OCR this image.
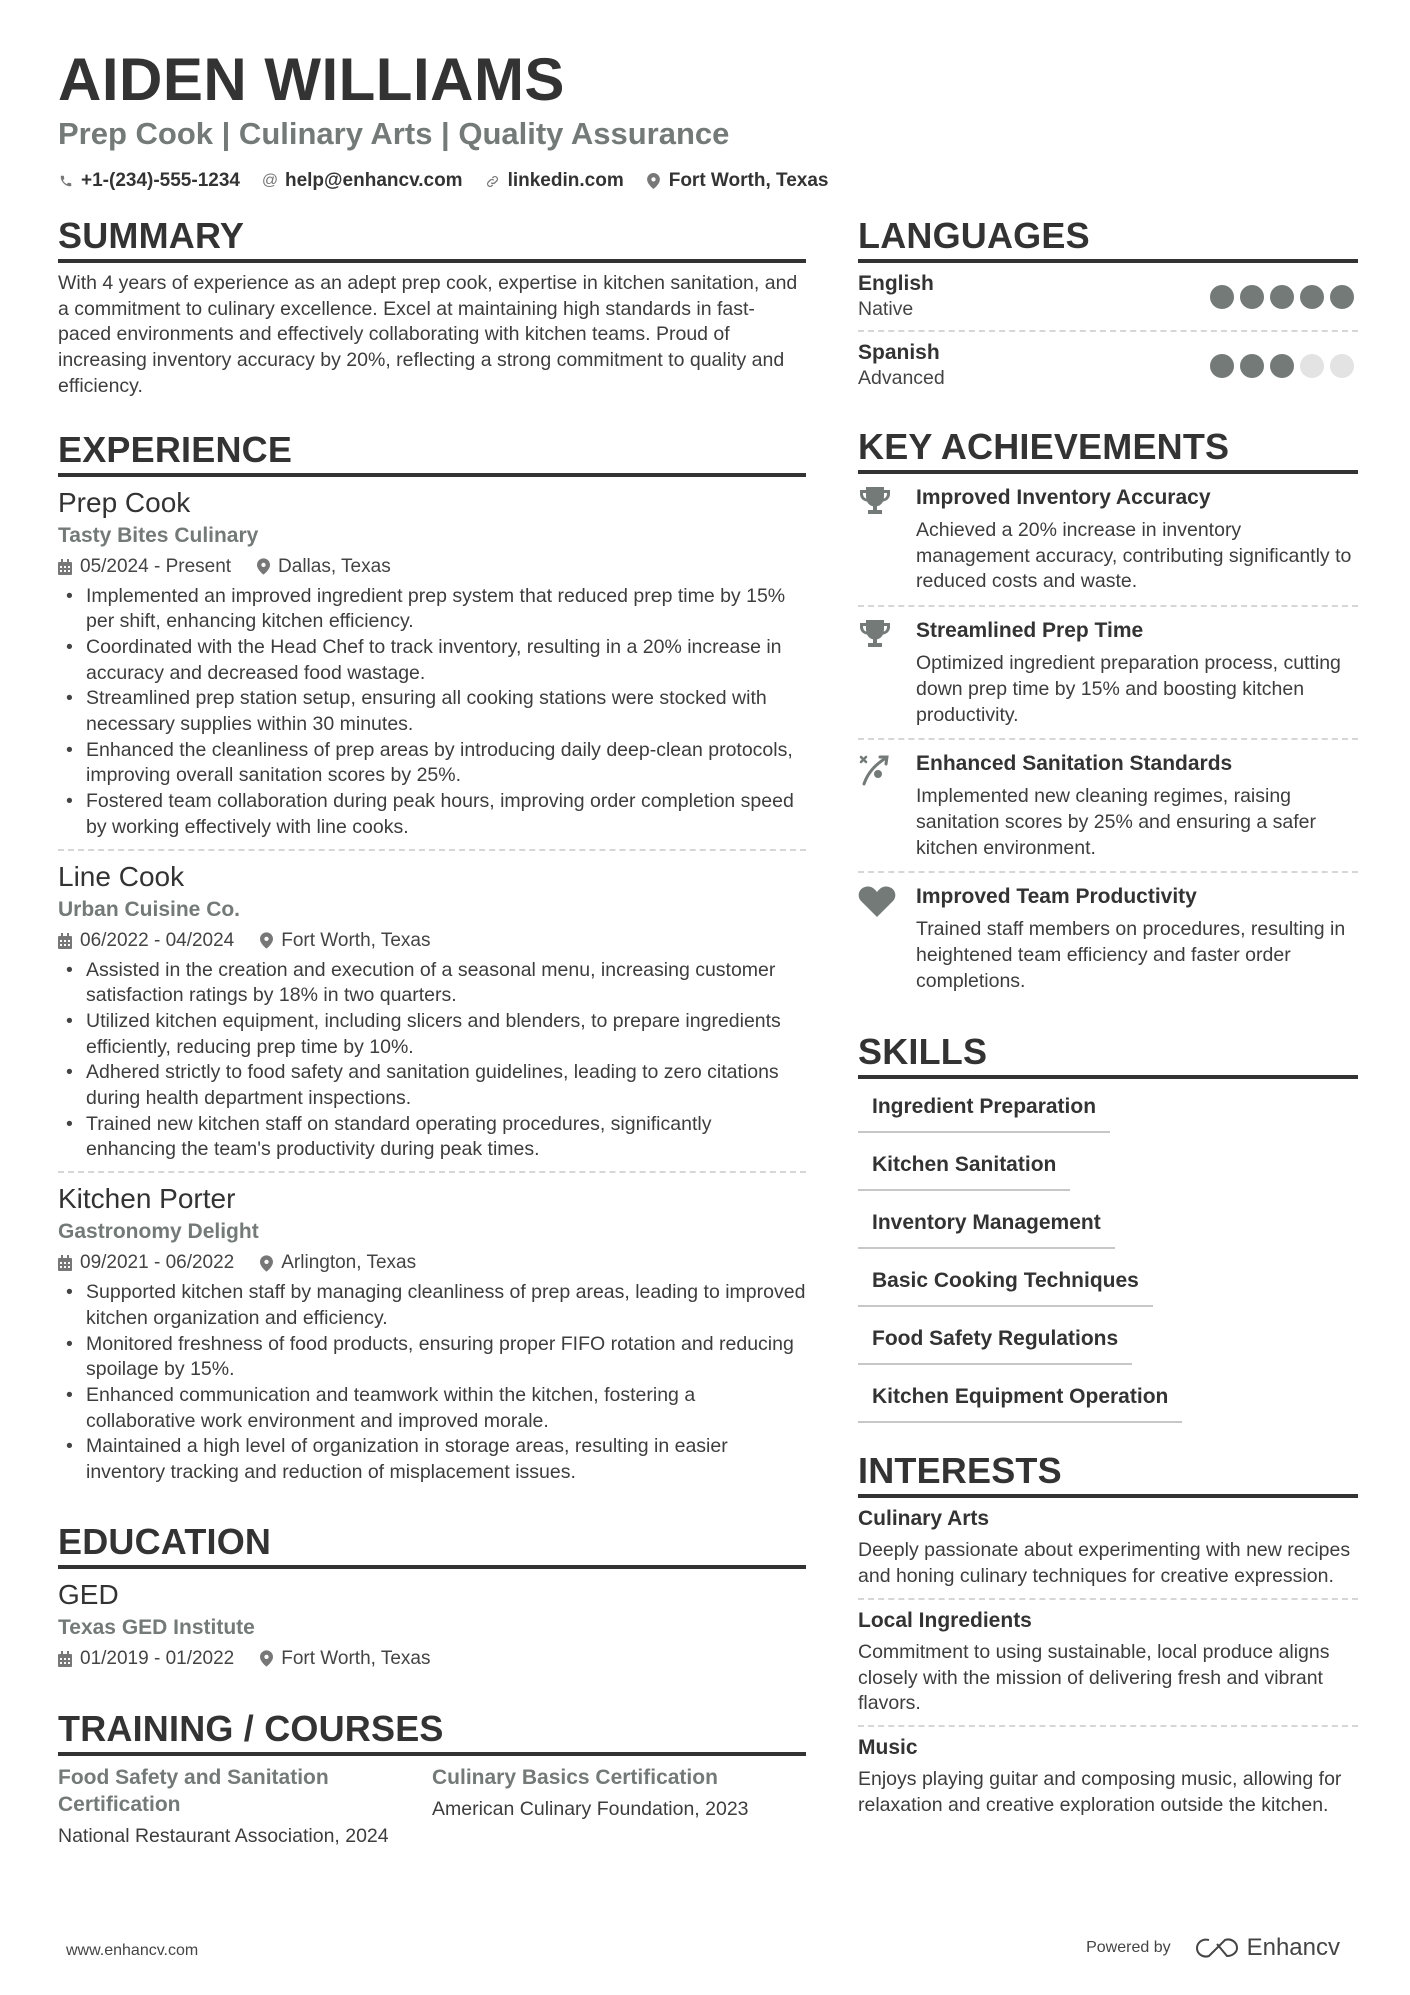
AIDEN WILLIAMS
Prep Cook | Culinary Arts | Quality Assurance
+1-(234)-555-1234 @ help@enhancv.com linkedin.com Fort Worth, Texas
SUMMARY

With 4 years of experience as an adept prep cook, expertise in kitchen sanitation, and a commitment to culinary excellence. Excel at maintaining high standards in fast-paced environments and effectively collaborating with kitchen teams. Proud of increasing inventory accuracy by 20%, reflecting a strong commitment to quality and efficiency.

EXPERIENCE
Prep Cook
Tasty Bites Culinary
05/2024 - Present Dallas, Texas
• Implemented an improved ingredient prep system that reduced prep time by 15% per shift, enhancing kitchen efficiency.
• Coordinated with the Head Chef to track inventory, resulting in a 20% increase in accuracy and decreased food wastage.
• Streamlined prep station setup, ensuring all cooking stations were stocked with necessary supplies within 30 minutes.
• Enhanced the cleanliness of prep areas by introducing daily deep-clean protocols, improving overall sanitation scores by 25%.
• Fostered team collaboration during peak hours, improving order completion speed by working effectively with line cooks.
Line Cook
Urban Cuisine Co.
06/2022 - 04/2024 Fort Worth, Texas
• Assisted in the creation and execution of a seasonal menu, increasing customer satisfaction ratings by 18% in two quarters.
• Utilized kitchen equipment, including slicers and blenders, to prepare ingredients efficiently, reducing prep time by 10%.
• Adhered strictly to food safety and sanitation guidelines, leading to zero citations during health department inspections.
• Trained new kitchen staff on standard operating procedures, significantly enhancing the team's productivity during peak times.
Kitchen Porter
Gastronomy Delight
09/2021 - 06/2022 Arlington, Texas
• Supported kitchen staff by managing cleanliness of prep areas, leading to improved kitchen organization and efficiency.
• Monitored freshness of food products, ensuring proper FIFO rotation and reducing spoilage by 15%.
• Enhanced communication and teamwork within the kitchen, fostering a collaborative work environment and improved morale.
• Maintained a high level of organization in storage areas, resulting in easier inventory tracking and reduction of misplacement issues.
EDUCATION
GED
Texas GED Institute
01/2019 - 01/2022 Fort Worth, Texas
TRAINING / COURSES
Food Safety and Sanitation Certification
National Restaurant Association, 2024
Culinary Basics Certification
American Culinary Foundation, 2023
LANGUAGES
English
Native
Spanish
Advanced
KEY ACHIEVEMENTS
Improved Inventory Accuracy
Achieved a 20% increase in inventory management accuracy, contributing significantly to reduced costs and waste.
Streamlined Prep Time
Optimized ingredient preparation process, cutting down prep time by 15% and boosting kitchen productivity.
Enhanced Sanitation Standards
Implemented new cleaning regimes, raising sanitation scores by 25% and ensuring a safer kitchen environment.
Improved Team Productivity
Trained staff members on procedures, resulting in heightened team efficiency and faster order completions.
SKILLS
Ingredient Preparation
Kitchen Sanitation
Inventory Management
Basic Cooking Techniques
Food Safety Regulations
Kitchen Equipment Operation
INTERESTS
Culinary Arts
Deeply passionate about experimenting with new recipes and honing culinary techniques for creative expression.
Local Ingredients
Commitment to using sustainable, local produce aligns closely with the mission of delivering fresh and vibrant flavors.
Music
Enjoys playing guitar and composing music, allowing for relaxation and creative exploration outside the kitchen.
www.enhancv.com	Powered by	Enhancv
